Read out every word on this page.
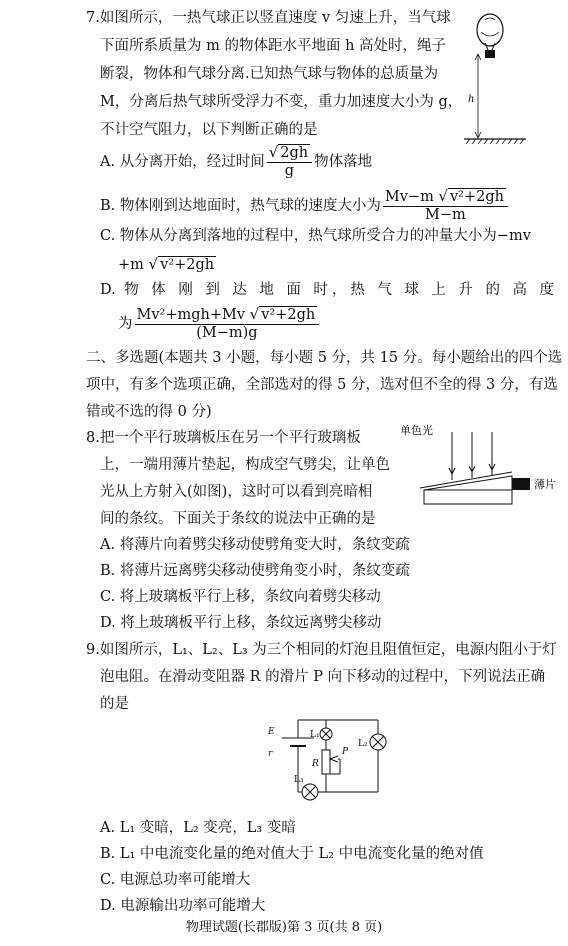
7.如图所示，一热气球正以竖直速度 v 匀速上升，当气球
下面所系质量为 m 的物体距水平地面 h 高处时，绳子
断裂，物体和气球分离.已知热气球与物体的总质量为
M，分离后热气球所受浮力不变，重力加速度大小为 g，
不计空气阻力，以下判断正确的是
A. 从分离开始，经过时间 $\frac{√ 2gh}{g}$ 物体落地
B. 物体刚到达地面时，热气球的速度大小为 $\frac{\text{Mv−m √ v²+2gh}}{M-m}$
C. 物体从分离到落地的过程中，热气球所受合力的冲量大小为−mv
+m √ v²+2gh
D. 物 体 刚 到 达 地 面 时，热 气 球 上 升 的 高 度
为 $\frac{\text{Mv²+mgh+Mv √ v²+2gh}}{(M-m)g}$
h
二、多选题(本题共 3 小题，每小题 5 分，共 15 分。每小题给出的四个选
项中，有多个选项正确，全部选对的得 5 分，选对但不全的得 3 分，有选
错或不选的得 0 分)
8.把一个平行玻璃板压在另一个平行玻璃板
上，一端用薄片垫起，构成空气劈尖，让单色
光从上方射入(如图)，这时可以看到亮暗相
间的条纹。下面关于条纹的说法中正确的是
A. 将薄片向着劈尖移动使劈角变大时，条纹变疏
B. 将薄片远离劈尖移动使劈角变小时，条纹变疏
C. 将上玻璃板平行上移，条纹向着劈尖移动
D. 将上玻璃板平行上移，条纹远离劈尖移动
单色光
薄片
9.如图所示，L₁、L₂、L₃ 为三个相同的灯泡且阻值恒定，电源内阻小于灯
泡电阻。在滑动变阻器 R 的滑片 P 向下移动的过程中，下列说法正确
的是
E
r
L₁
L₂
L₃
R
P
A. L₁ 变暗，L₂ 变亮，L₃ 变暗
B. L₁ 中电流变化量的绝对值大于 L₂ 中电流变化量的绝对值
C. 电源总功率可能增大
D. 电源输出功率可能增大
物理试题(长郡版)第 3 页(共 8 页)
